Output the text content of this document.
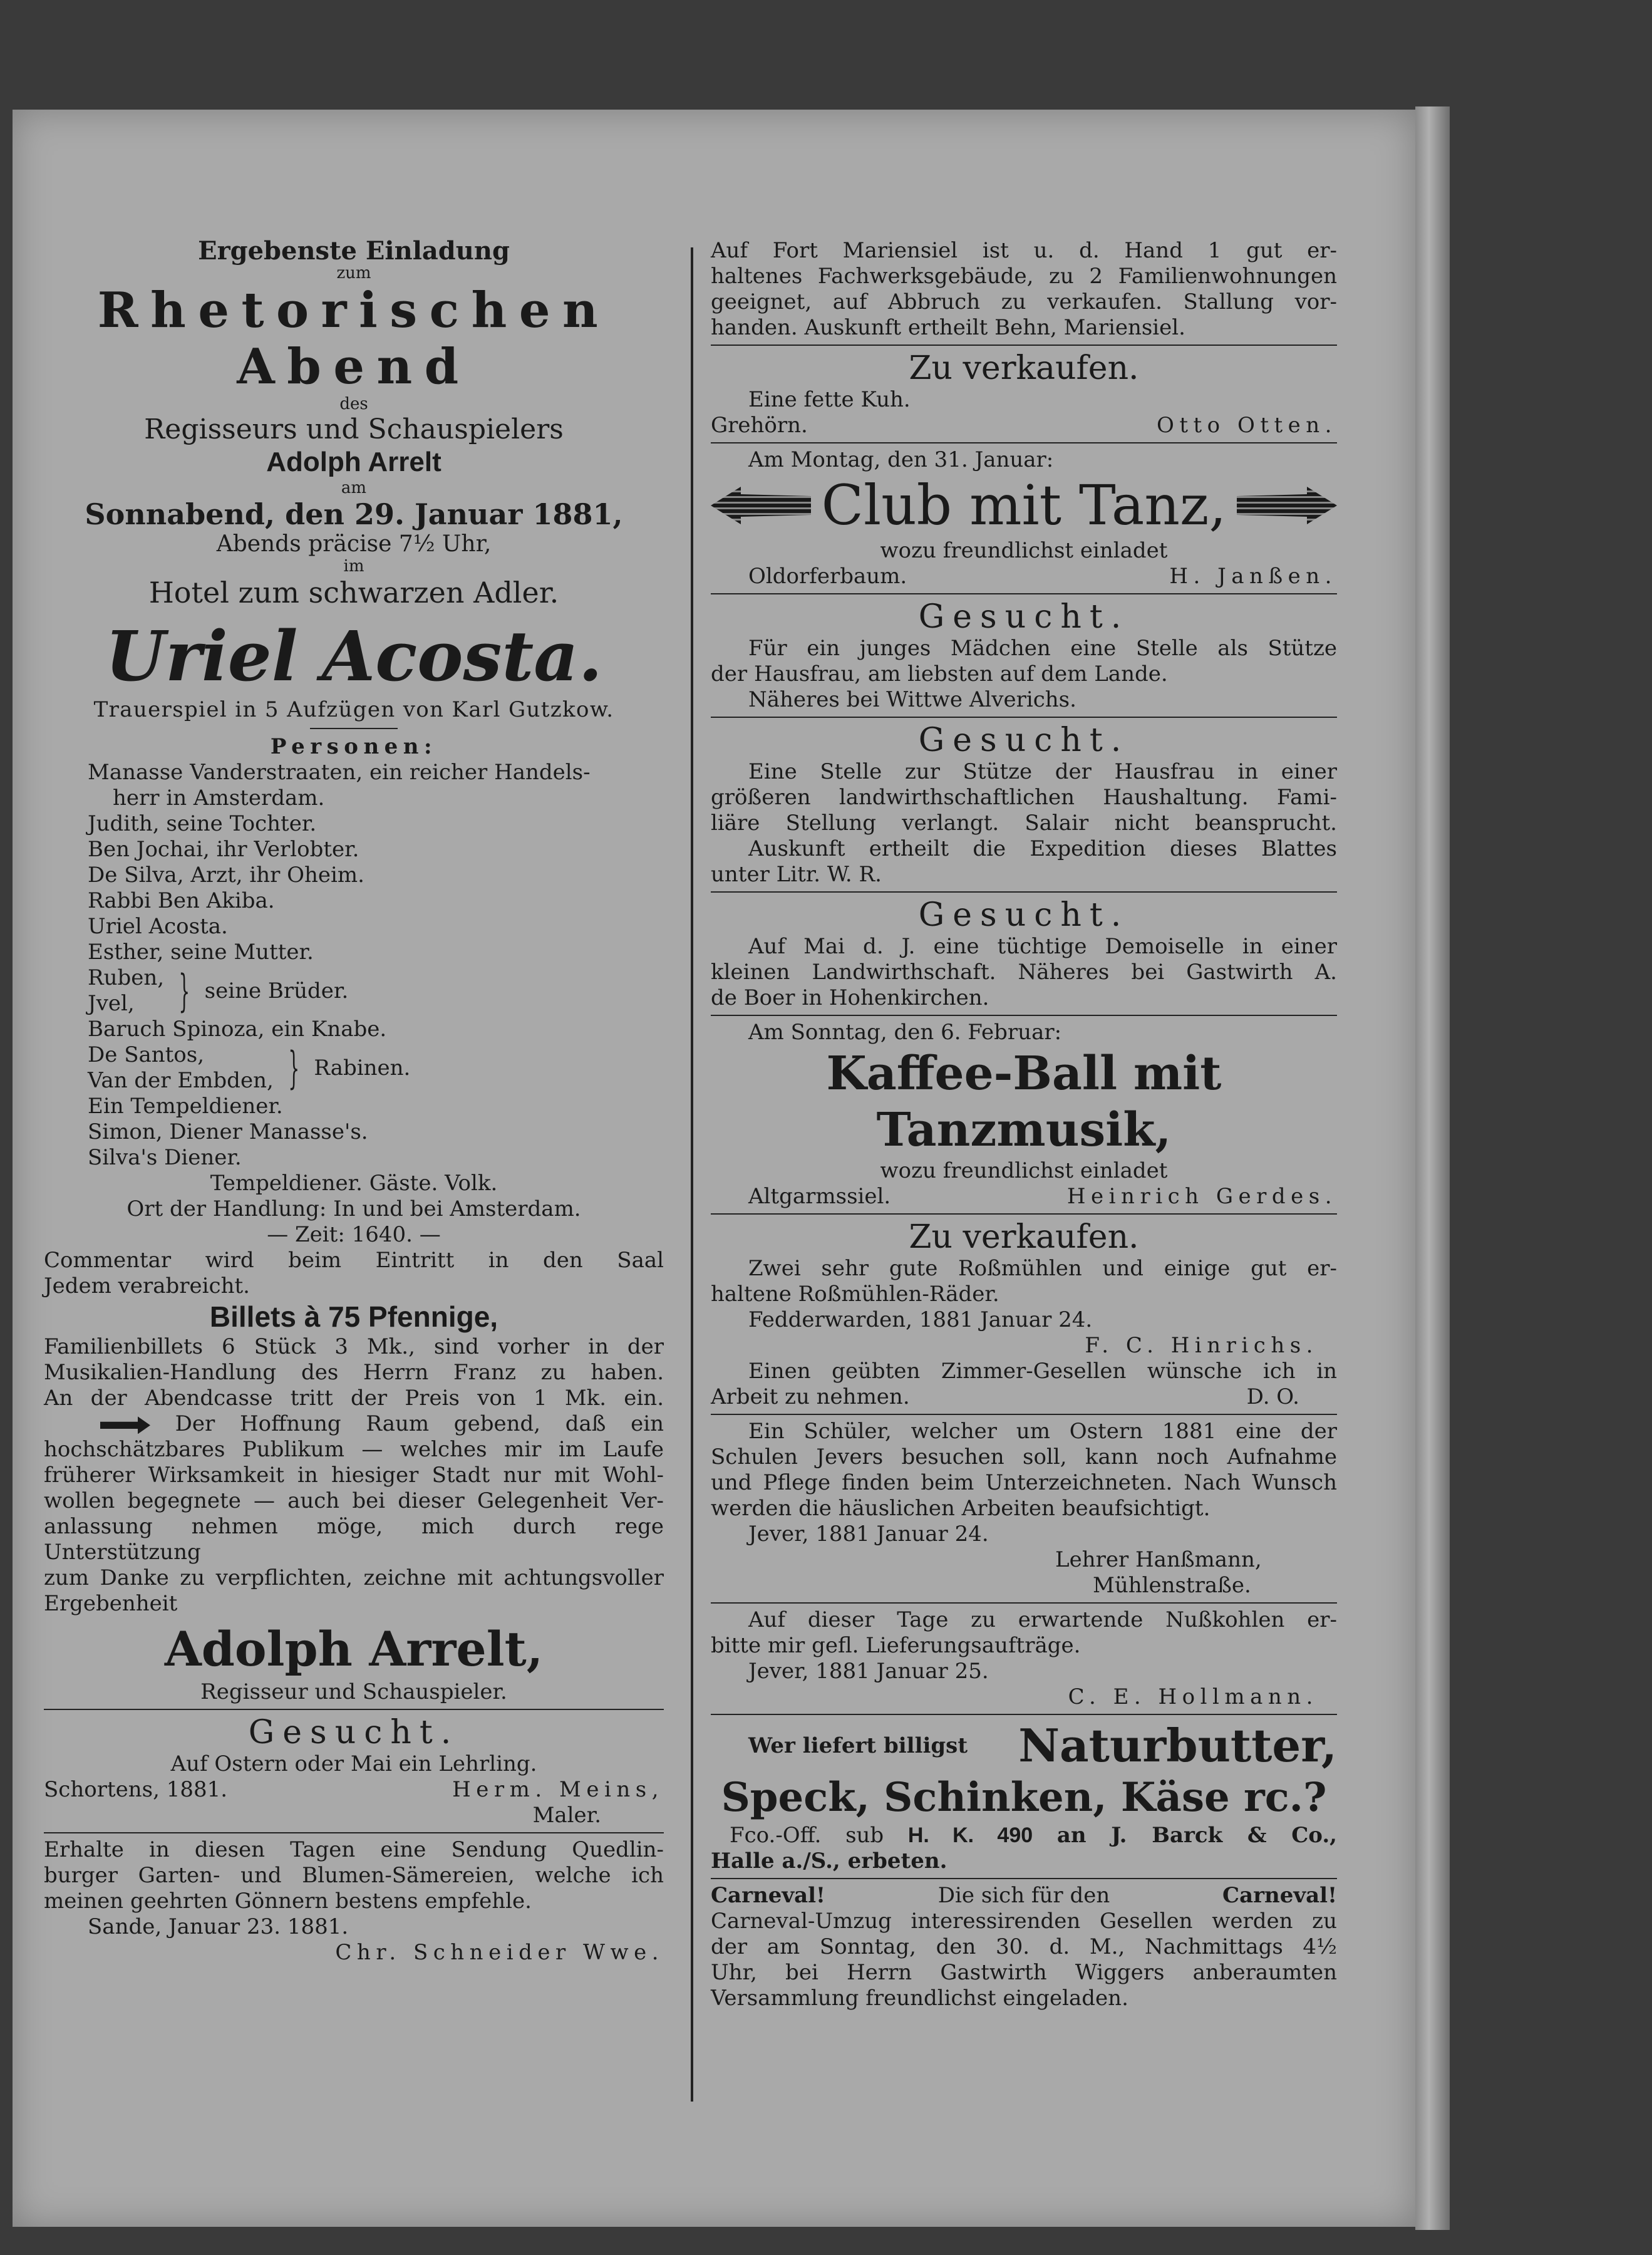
Ergebenste Einladung

zum

Rhetorischen Abend

des

Regisseurs und Schauspielers

Adolph Arrelt

am

Sonnabend, den 29. Januar 1881,

Abends präcise 7½ Uhr,

im

Hotel zum schwarzen Adler.

Uriel Acosta.

Trauerspiel in 5 Aufzügen von Karl Gutzkow.

Personen:

Manasse Vanderstraaten, ein reicher Handels-

herr in Amsterdam.

Judith, seine Tochter.

Ben Jochai, ihr Verlobter.

De Silva, Arzt, ihr Oheim.

Rabbi Ben Akiba.

Uriel Acosta.

Esther, seine Mutter.

Ruben,

Jvel,	} seine Brüder.

Baruch Spinoza, ein Knabe.

De Santos,

Van der Embden, } Rabinen.

Ein Tempeldiener.

Simon, Diener Manasse's.

Silva's Diener.

Tempeldiener. Gäste. Volk.

Ort der Handlung: In und bei Amsterdam.

— Zeit: 1640. —

Commentar wird beim Eintritt in den Saal

Jedem verabreicht.

Billets à 75 Pfennige,

Familienbillets 6 Stück 3 Mk., sind vorher in der

Musikalien-Handlung des Herrn Franz zu haben.

An der Abendcasse tritt der Preis von 1 Mk. ein.

Der Hoffnung Raum gebend, daß ein

hochschätzbares Publikum — welches mir im Laufe

früherer Wirksamkeit in hiesiger Stadt nur mit Wohl-

wollen begegnete — auch bei dieser Gelegenheit Ver-

anlassung nehmen möge, mich durch rege Unterstützung

zum Danke zu verpflichten, zeichne mit achtungsvoller

Ergebenheit

Adolph Arrelt,

Regisseur und Schauspieler.

Gesucht.

Auf Ostern oder Mai ein Lehrling.

Schortens, 1881.	Herm. Meins,

Maler.

Erhalte in diesen Tagen eine Sendung Quedlin-

burger Garten- und Blumen-Sämereien, welche ich

meinen geehrten Gönnern bestens empfehle.

Sande, Januar 23. 1881.

Chr. Schneider Wwe.

Auf Fort Mariensiel ist u. d. Hand 1 gut er-

haltenes Fachwerksgebäude, zu 2 Familienwohnungen

geeignet, auf Abbruch zu verkaufen. Stallung vor-

handen. Auskunft ertheilt Behn, Mariensiel.

Zu verkaufen.

Eine fette Kuh.

Grehörn.	Otto Otten.

Am Montag, den 31. Januar:

Club mit Tanz,

wozu freundlichst einladet

Oldorferbaum.	H. Janßen.

Gesucht.

Für ein junges Mädchen eine Stelle als Stütze

der Hausfrau, am liebsten auf dem Lande.

Näheres bei Wittwe Alverichs.

Gesucht.

Eine Stelle zur Stütze der Hausfrau in einer

größeren landwirthschaftlichen Haushaltung. Fami-

liäre Stellung verlangt. Salair nicht beansprucht.

Auskunft ertheilt die Expedition dieses Blattes

unter Litr. W. R.

Gesucht.

Auf Mai d. J. eine tüchtige Demoiselle in einer

kleinen Landwirthschaft. Näheres bei Gastwirth A.

de Boer in Hohenkirchen.

Am Sonntag, den 6. Februar:

Kaffee-Ball mit Tanzmusik,

wozu freundlichst einladet

Altgarmssiel.	Heinrich Gerdes.

Zu verkaufen.

Zwei sehr gute Roßmühlen und einige gut er-

haltene Roßmühlen-Räder.

Fedderwarden, 1881 Januar 24.

F. C. Hinrichs.

Einen geübten Zimmer-Gesellen wünsche ich in

Arbeit zu nehmen.	D. O.

Ein Schüler, welcher um Ostern 1881 eine der

Schulen Jevers besuchen soll, kann noch Aufnahme

und Pflege finden beim Unterzeichneten. Nach Wunsch

werden die häuslichen Arbeiten beaufsichtigt.

Jever, 1881 Januar 24.

Lehrer Hanßmann,

Mühlenstraße.

Auf dieser Tage zu erwartende Nußkohlen er-

bitte mir gefl. Lieferungsaufträge.

Jever, 1881 Januar 25.

C. E. Hollmann.

Wer liefert billigst Naturbutter,

Speck, Schinken, Käse rc.?

Fco.-Off. sub H. K. 490 an J. Barck & Co.,

Halle a./S., erbeten.

Carneval!	Die sich für den	Carneval!

Carneval-Umzug interessirenden Gesellen werden zu

der am Sonntag, den 30. d. M., Nachmittags 4½

Uhr, bei Herrn Gastwirth Wiggers anberaumten

Versammlung freundlichst eingeladen.
